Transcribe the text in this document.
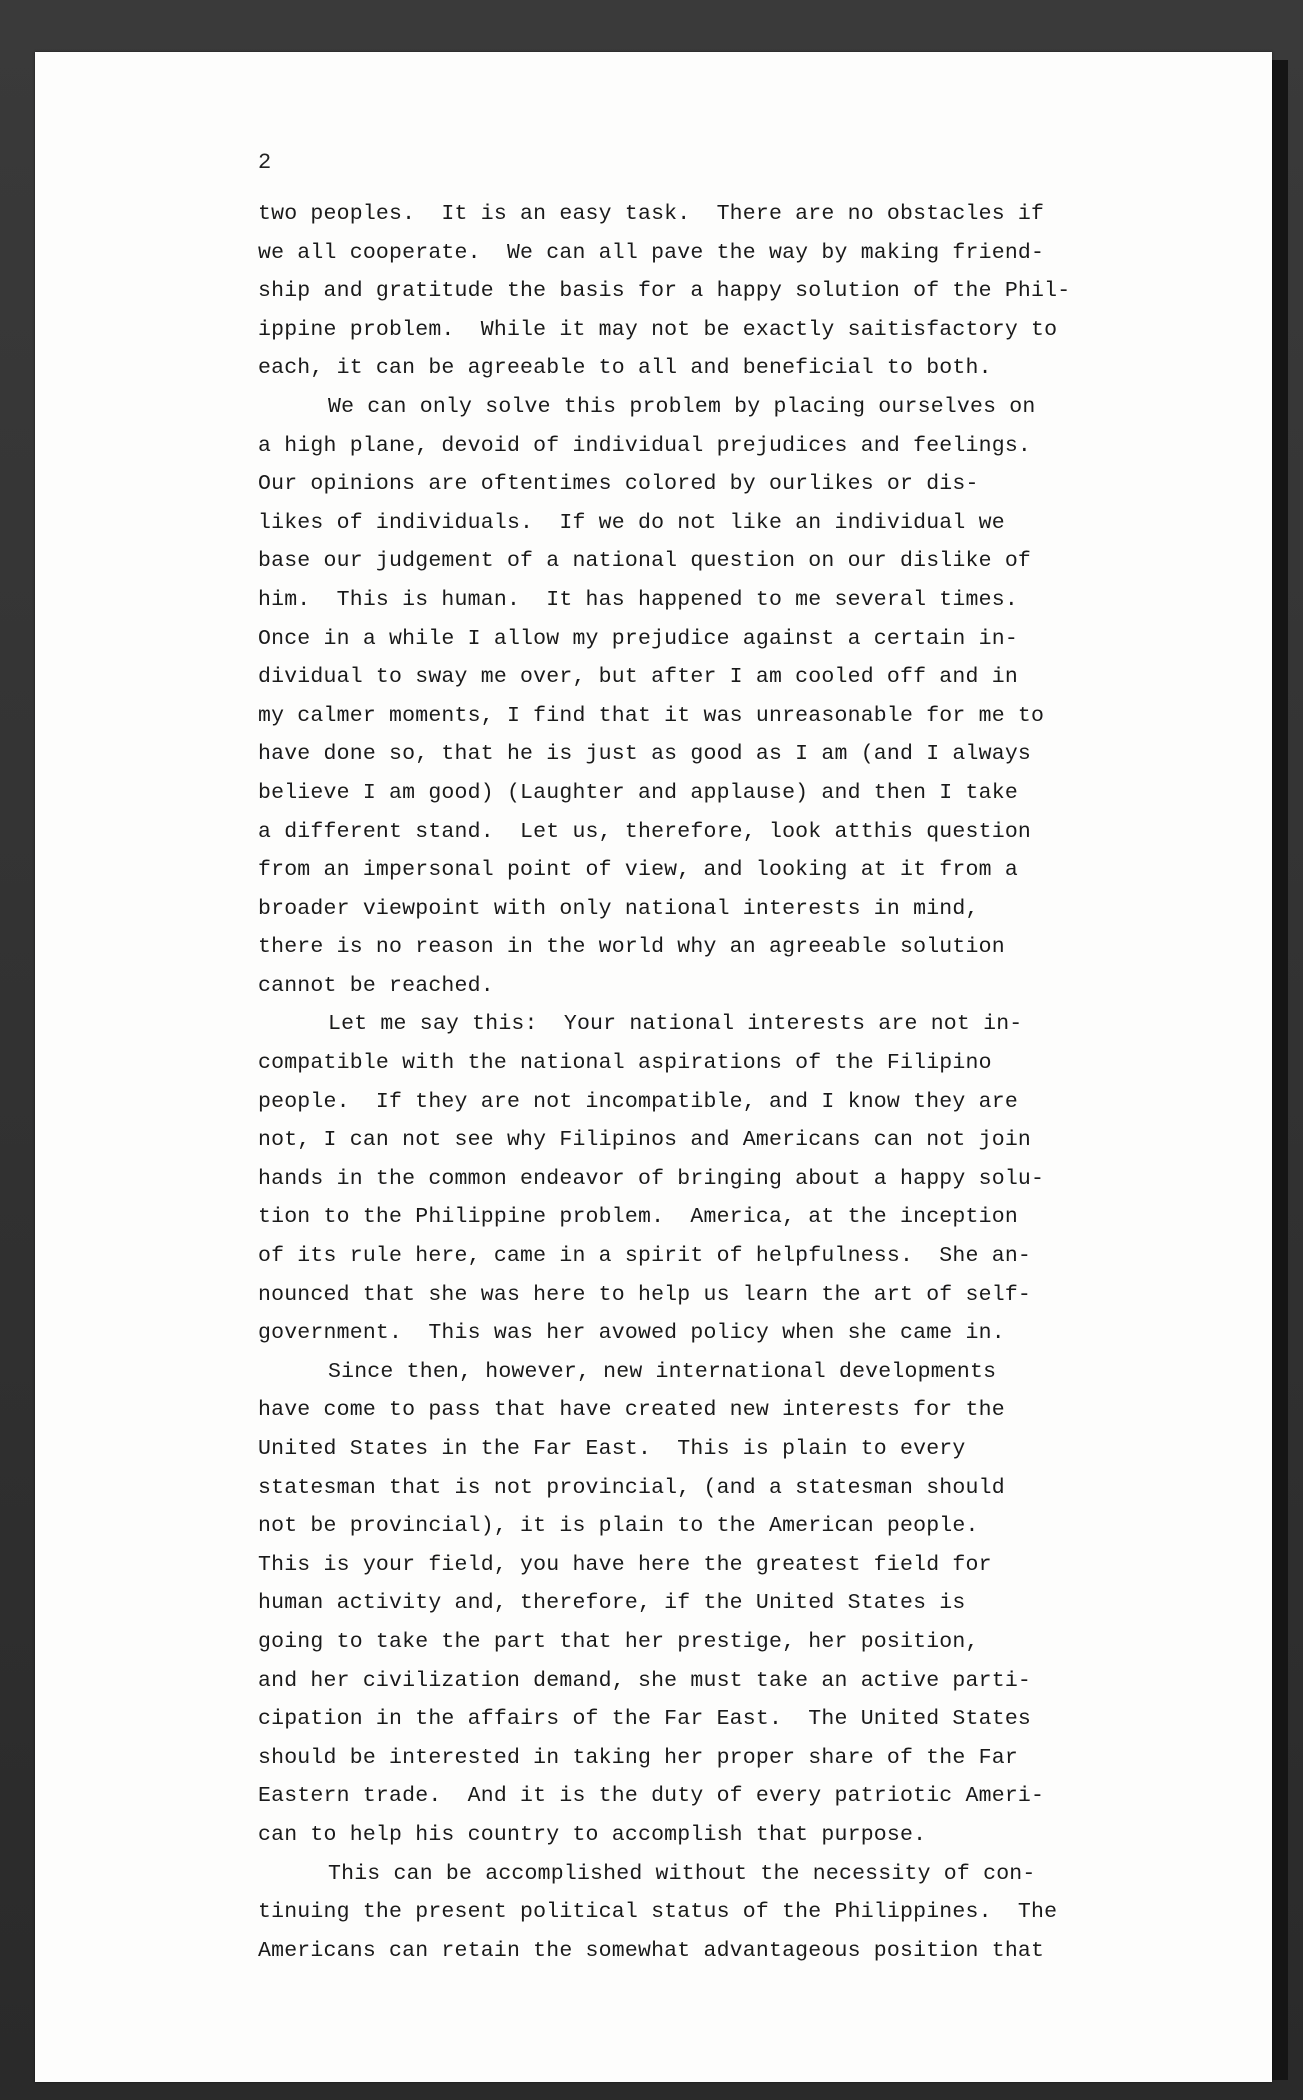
2
two peoples.  It is an easy task.  There are no obstacles if
we all cooperate.  We can all pave the way by making friend-
ship and gratitude the basis for a happy solution of the Phil-
ippine problem.  While it may not be exactly saitisfactory to
each, it can be agreeable to all and beneficial to both.
We can only solve this problem by placing ourselves on
a high plane, devoid of individual prejudices and feelings.
Our opinions are oftentimes colored by ourlikes or dis-
likes of individuals.  If we do not like an individual we
base our judgement of a national question on our dislike of
him.  This is human.  It has happened to me several times.
Once in a while I allow my prejudice against a certain in-
dividual to sway me over, but after I am cooled off and in
my calmer moments, I find that it was unreasonable for me to
have done so, that he is just as good as I am (and I always
believe I am good) (Laughter and applause) and then I take
a different stand.  Let us, therefore, look atthis question
from an impersonal point of view, and looking at it from a
broader viewpoint with only national interests in mind,
there is no reason in the world why an agreeable solution
cannot be reached.
Let me say this:  Your national interests are not in-
compatible with the national aspirations of the Filipino
people.  If they are not incompatible, and I know they are
not, I can not see why Filipinos and Americans can not join
hands in the common endeavor of bringing about a happy solu-
tion to the Philippine problem.  America, at the inception
of its rule here, came in a spirit of helpfulness.  She an-
nounced that she was here to help us learn the art of self-
government.  This was her avowed policy when she came in.
Since then, however, new international developments
have come to pass that have created new interests for the
United States in the Far East.  This is plain to every
statesman that is not provincial, (and a statesman should
not be provincial), it is plain to the American people.
This is your field, you have here the greatest field for
human activity and, therefore, if the United States is
going to take the part that her prestige, her position,
and her civilization demand, she must take an active parti-
cipation in the affairs of the Far East.  The United States
should be interested in taking her proper share of the Far
Eastern trade.  And it is the duty of every patriotic Ameri-
can to help his country to accomplish that purpose.
This can be accomplished without the necessity of con-
tinuing the present political status of the Philippines.  The
Americans can retain the somewhat advantageous position that
